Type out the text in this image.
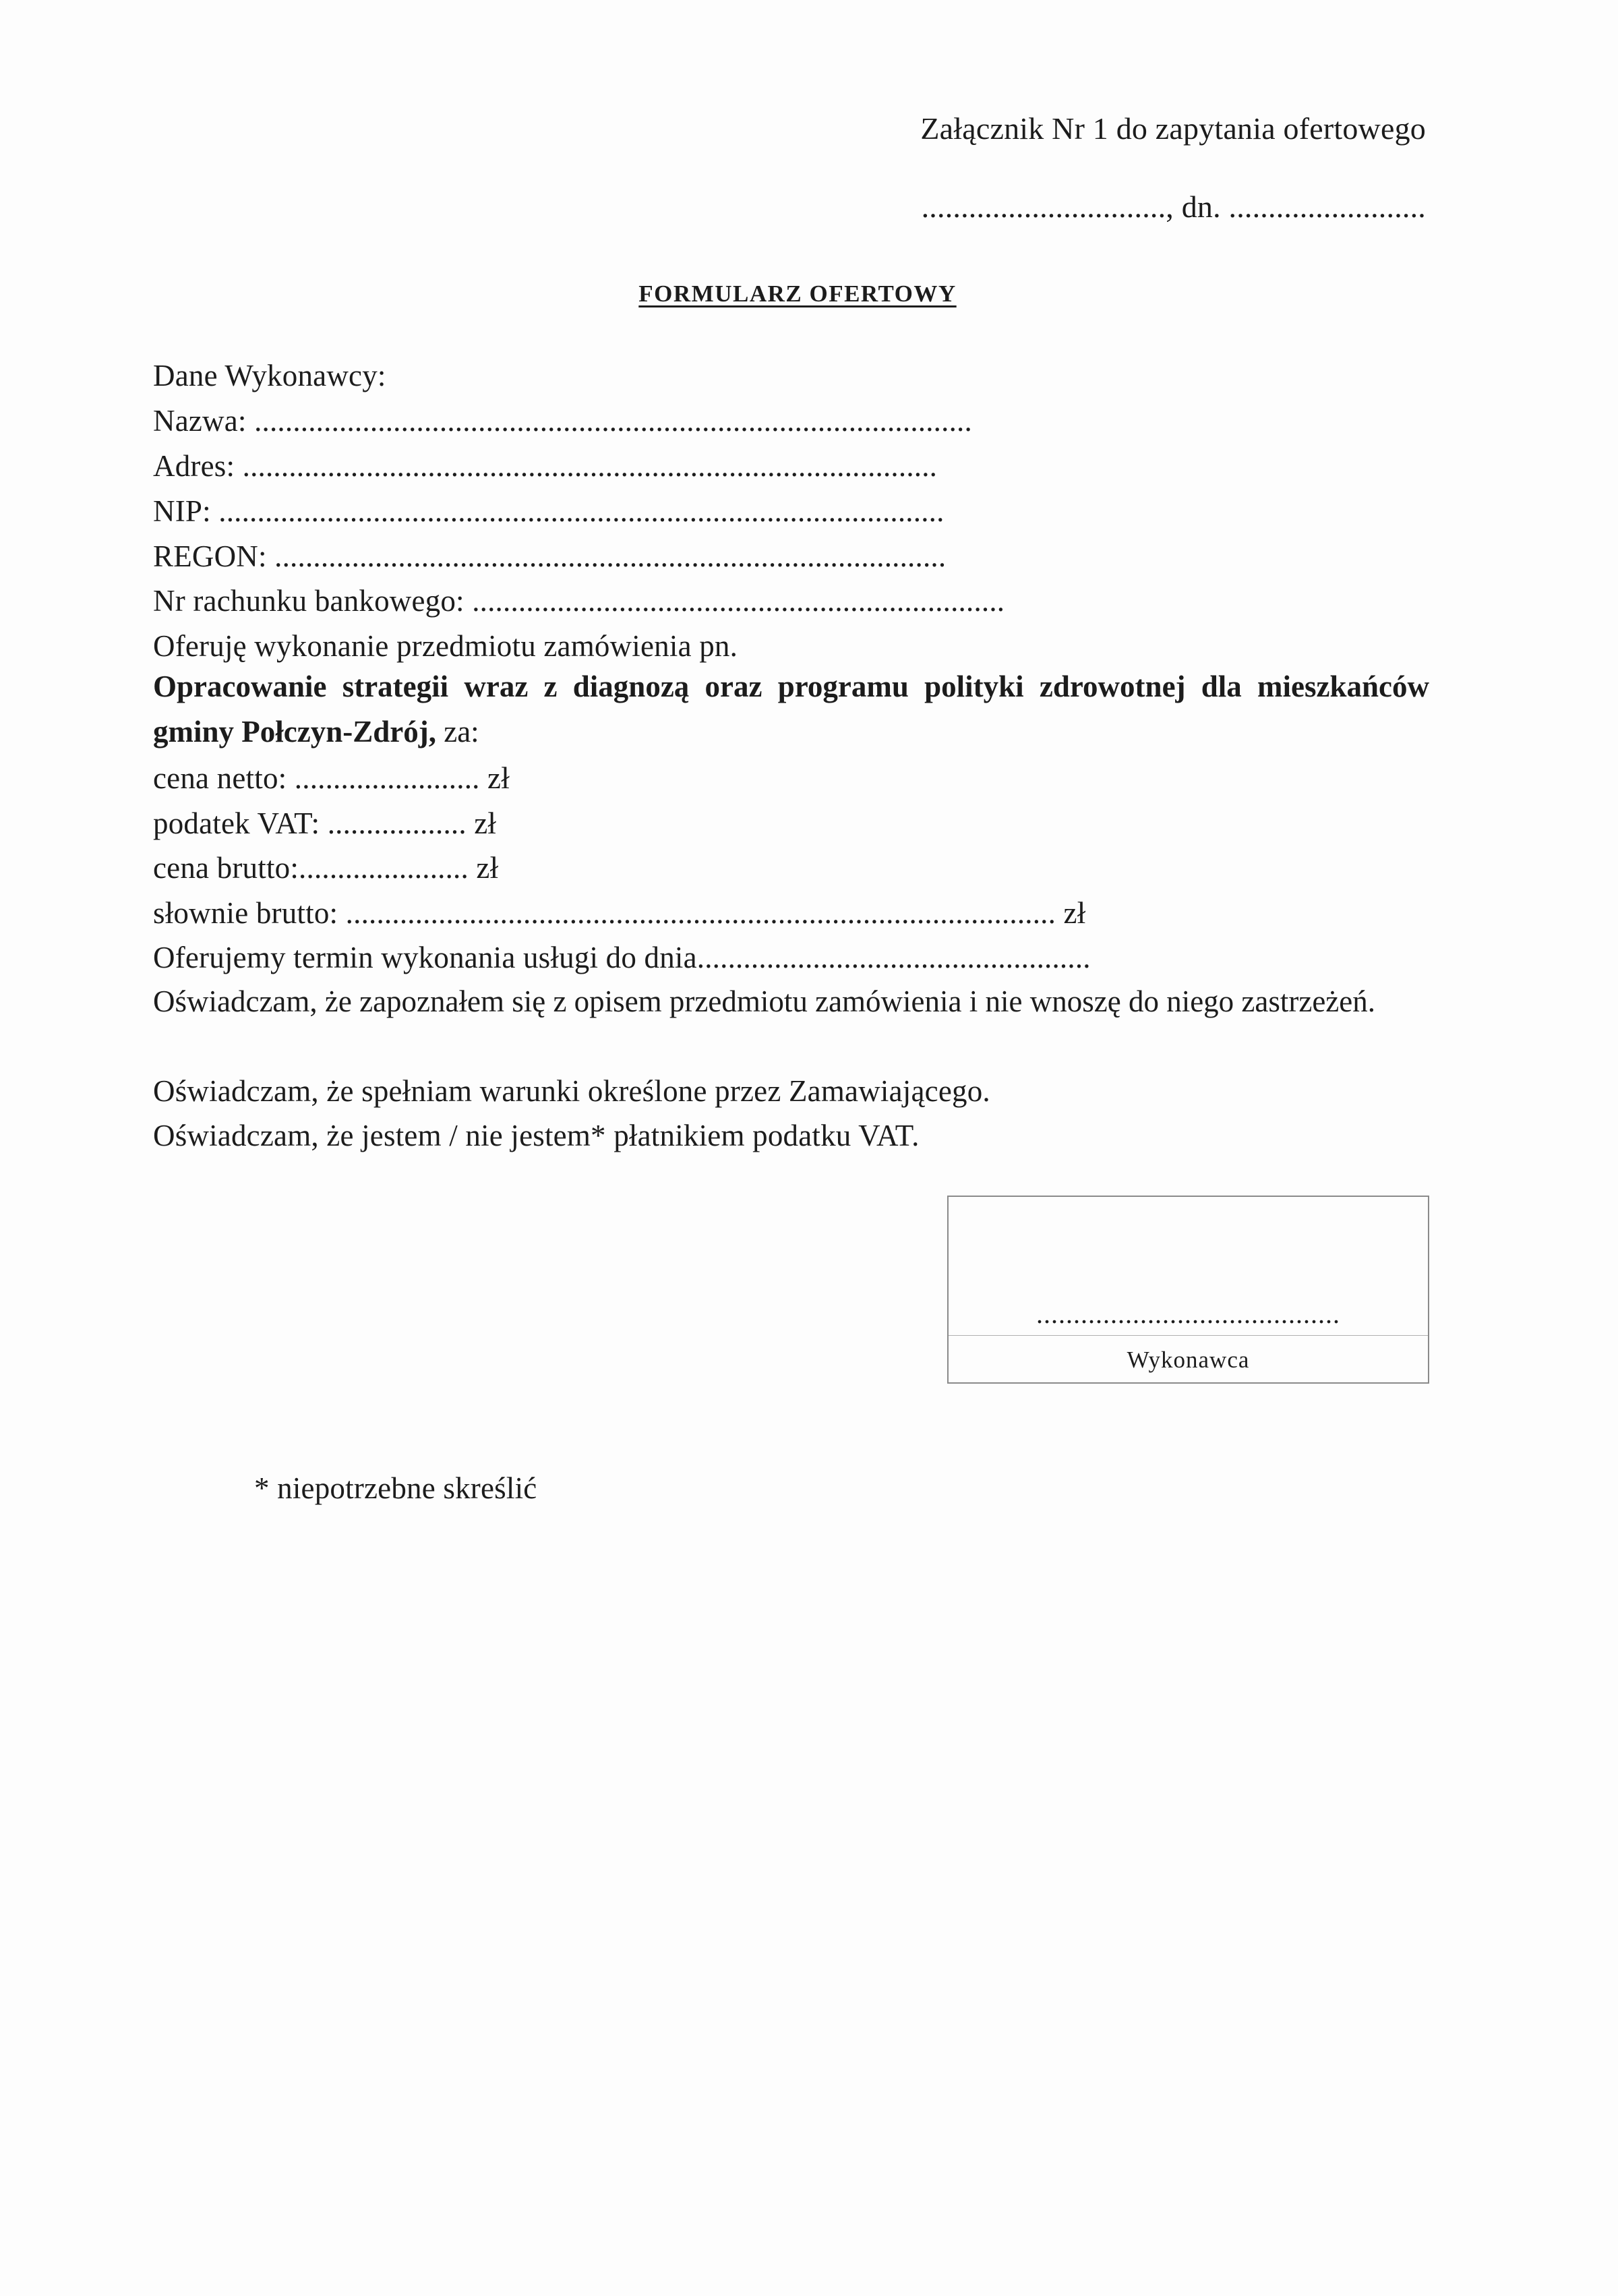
Załącznik Nr 1 do zapytania ofertowego
..............................., dn. .........................
FORMULARZ OFERTOWY
Dane Wykonawcy:
Nazwa: .............................................................................................
Adres: ..........................................................................................
NIP: ..............................................................................................
REGON: .......................................................................................
Nr rachunku bankowego: .....................................................................
Oferuję wykonanie przedmiotu zamówienia pn.
Opracowanie strategii wraz z diagnozą oraz programu polityki zdrowotnej dla mieszkańców gminy Połczyn-Zdrój, za:
cena netto: ........................ zł
podatek VAT: .................. zł
cena brutto:...................... zł
słownie brutto: ............................................................................................ zł
Oferujemy termin wykonania usługi do dnia...................................................
Oświadczam, że zapoznałem się z opisem przedmiotu zamówienia i nie wnoszę do niego zastrzeżeń.
Oświadczam, że spełniam warunki określone przez Zamawiającego.
Oświadczam, że jestem / nie jestem* płatnikiem podatku VAT.
.........................................
Wykonawca
* niepotrzebne skreślić
